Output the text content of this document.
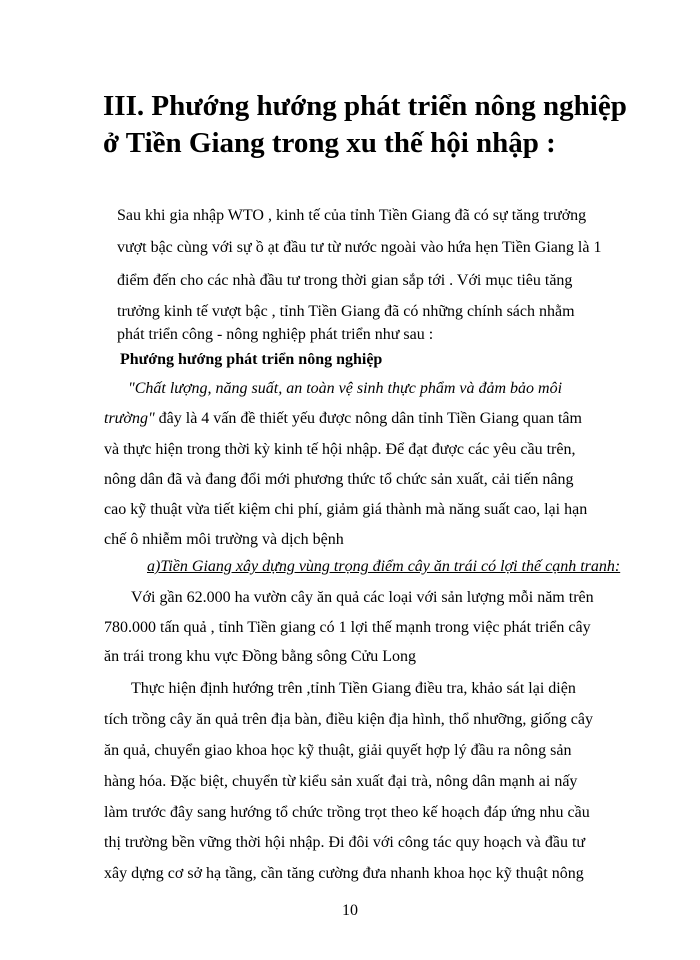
III. Phướng hướng phát triển nông nghiệp
ở Tiền Giang trong xu thế hội nhập :

Sau khi gia nhập WTO , kinh tế của tỉnh Tiền Giang đã có sự tăng trưởng

vượt bậc cùng với sự ồ ạt đầu tư từ nước ngoài vào hứa hẹn Tiền Giang là 1

điểm đến cho các nhà đầu tư trong thời gian sắp tới . Với mục tiêu tăng

trưởng kinh tế vượt bậc , tỉnh Tiền Giang đã có những chính sách nhằm

phát triển công - nông nghiệp phát triển như sau :

Phướng hướng phát triển nông nghiệp

"Chất lượng, năng suất, an toàn vệ sinh thực phẩm và đảm bảo môi

trường" đây là 4 vấn đề thiết yếu được nông dân tỉnh Tiền Giang quan tâm

và thực hiện trong thời kỳ kinh tế hội nhập. Để đạt được các yêu cầu trên,

nông dân đã và đang đổi mới phương thức tổ chức sản xuất, cải tiến nâng

cao kỹ thuật vừa tiết kiệm chi phí, giảm giá thành mà năng suất cao, lại hạn

chế ô nhiễm môi trường và dịch bệnh

a)Tiền Giang xây dựng vùng trọng điểm cây ăn trái có lợi thế cạnh tranh:

Với gần 62.000 ha vườn cây ăn quả các loại với sản lượng mỗi năm trên

780.000 tấn quả , tỉnh Tiền giang có 1 lợi thế mạnh trong việc phát triển cây

ăn trái trong khu vực Đồng bằng sông Cửu Long

Thực hiện định hướng trên ,tỉnh Tiền Giang điều tra, khảo sát lại diện

tích trồng cây ăn quả trên địa bàn, điều kiện địa hình, thổ nhưỡng, giống cây

ăn quả, chuyển giao khoa học kỹ thuật, giải quyết hợp lý đầu ra nông sản

hàng hóa. Đặc biệt, chuyển từ kiểu sản xuất đại trà, nông dân mạnh ai nấy

làm trước đây sang hướng tổ chức trồng trọt theo kế hoạch đáp ứng nhu cầu

thị trường bền vững thời hội nhập. Đi đôi với công tác quy hoạch và đầu tư

xây dựng cơ sở hạ tầng, cần tăng cường đưa nhanh khoa học kỹ thuật nông

10
